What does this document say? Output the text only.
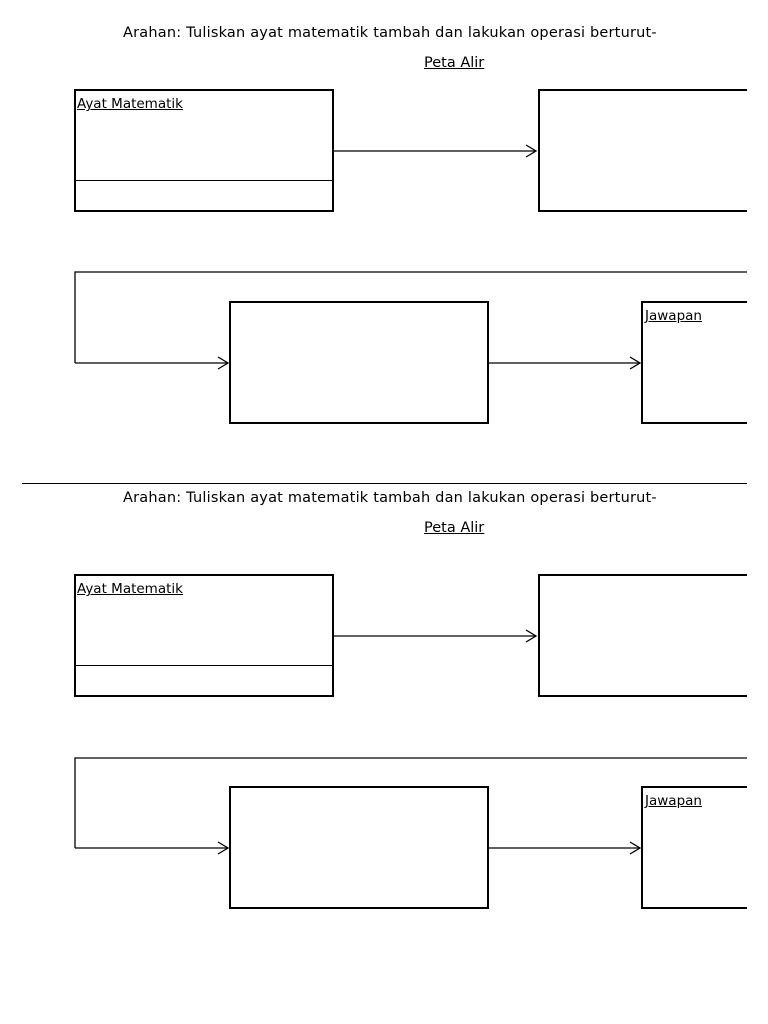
Arahan: Tuliskan ayat matematik tambah dan lakukan operasi berturut-
Peta Alir
Ayat Matematik
Jawapan
Arahan: Tuliskan ayat matematik tambah dan lakukan operasi berturut-
Peta Alir
Ayat Matematik
Jawapan
